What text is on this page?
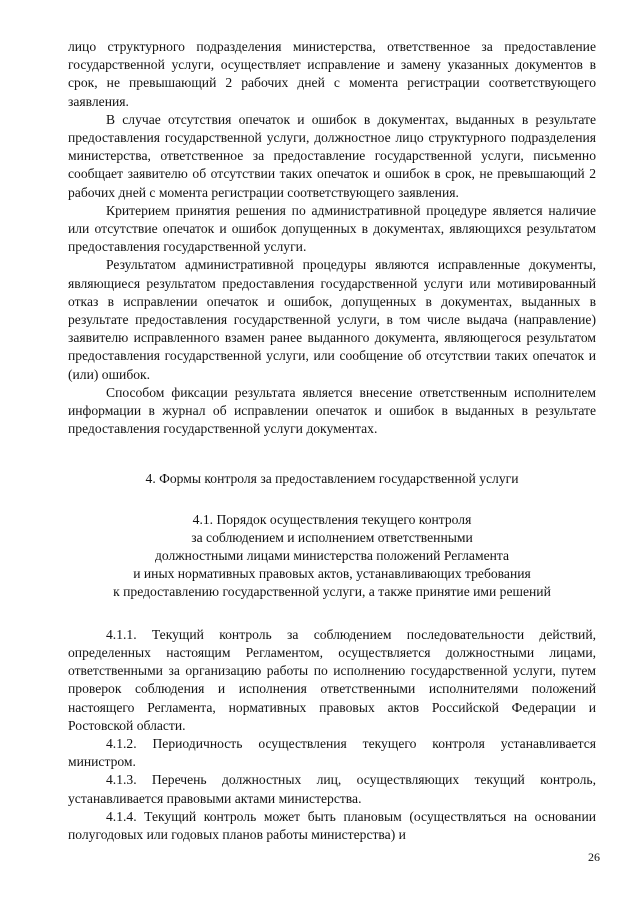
лицо структурного подразделения министерства, ответственное за предоставление государственной услуги, осуществляет исправление и замену указанных документов в срок, не превышающий 2 рабочих дней с момента регистрации соответствующего заявления.

В случае отсутствия опечаток и ошибок в документах, выданных в результате предоставления государственной услуги, должностное лицо структурного подразделения министерства, ответственное за предоставление государственной услуги, письменно сообщает заявителю об отсутствии таких опечаток и ошибок в срок, не превышающий 2 рабочих дней с момента регистрации соответствующего заявления.

Критерием принятия решения по административной процедуре является наличие или отсутствие опечаток и ошибок допущенных в документах, являющихся результатом предоставления государственной услуги.

Результатом административной процедуры являются исправленные документы, являющиеся результатом предоставления государственной услуги или мотивированный отказ в исправлении опечаток и ошибок, допущенных в документах, выданных в результате предоставления государственной услуги, в том числе выдача (направление) заявителю исправленного взамен ранее выданного документа, являющегося результатом предоставления государственной услуги, или сообщение об отсутствии таких опечаток и (или) ошибок.

Способом фиксации результата является внесение ответственным исполнителем информации в журнал об исправлении опечаток и ошибок в выданных в результате предоставления государственной услуги документах.

4. Формы контроля за предоставлением государственной услуги

4.1. Порядок осуществления текущего контроля
за соблюдением и исполнением ответственными
должностными лицами министерства положений Регламента
и иных нормативных правовых актов, устанавливающих требования
к предоставлению государственной услуги, а также принятие ими решений

4.1.1. Текущий контроль за соблюдением последовательности действий, определенных настоящим Регламентом, осуществляется должностными лицами, ответственными за организацию работы по исполнению государственной услуги, путем проверок соблюдения и исполнения ответственными исполнителями положений настоящего Регламента, нормативных правовых актов Российской Федерации и Ростовской области.

4.1.2. Периодичность осуществления текущего контроля устанавливается министром.

4.1.3. Перечень должностных лиц, осуществляющих текущий контроль, устанавливается правовыми актами министерства.

4.1.4. Текущий контроль может быть плановым (осуществляться на основании полугодовых или годовых планов работы министерства) и

26
